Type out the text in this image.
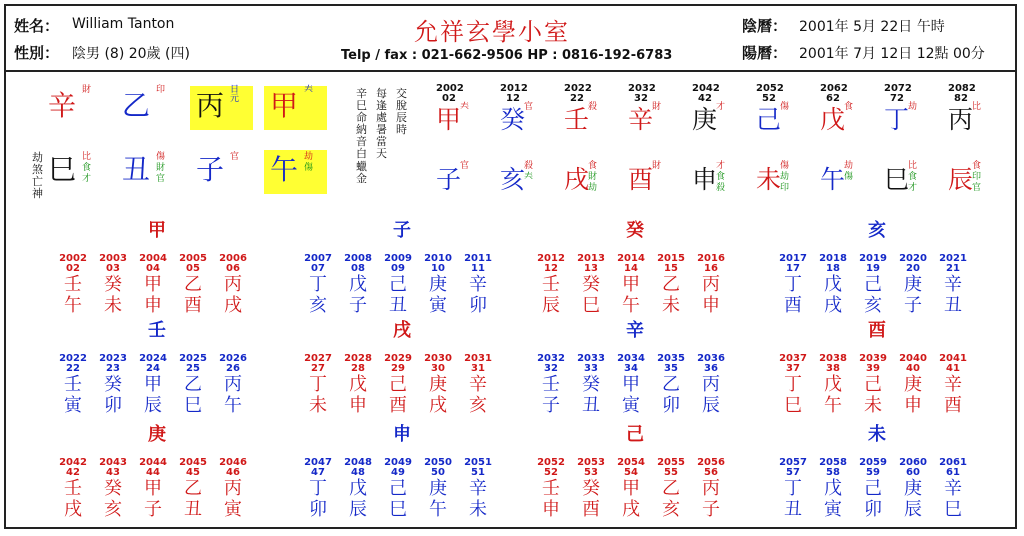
姓名： William Tanton
性別： 陰男 (8) 20歲 (四)
允祥玄學小室
Telp / fax : 021-662-9506 HP : 0816-192-6783
陰曆： 2001年 5月 22日 午時
陽曆： 2001年 7月 12日 12點 00分
辛 財
巳 比
食
才
乙 印
丑 傷
財
官
丙 日元
子 官
甲 𡗗
午 劫
傷
劫
煞
亡
神
辛巳命納音白蠟金
每逢處暑當天
交脫辰時
2002
02
甲
𡗗
子
官
2012
12
癸
官
亥
殺
𡗗
2022
22
壬
殺
戌
食
財
劫
2032
32
辛
財
酉
財
2042
42
庚
才
申
才
食
殺
2052
52
己
傷
未
傷
劫
印
2062
62
戊
食
午
劫
傷
2072
72
丁
劫
巳
比
食
才
2082
82
丙
比
辰
食
印
官
甲
2002
02
壬
午
2003
03
癸
未
2004
04
甲
申
2005
05
乙
酉
2006
06
丙
戌
子
2007
07
丁
亥
2008
08
戊
子
2009
09
己
丑
2010
10
庚
寅
2011
11
辛
卯
癸
2012
12
壬
辰
2013
13
癸
巳
2014
14
甲
午
2015
15
乙
未
2016
16
丙
申
亥
2017
17
丁
酉
2018
18
戊
戌
2019
19
己
亥
2020
20
庚
子
2021
21
辛
丑
壬
2022
22
壬
寅
2023
23
癸
卯
2024
24
甲
辰
2025
25
乙
巳
2026
26
丙
午
戌
2027
27
丁
未
2028
28
戊
申
2029
29
己
酉
2030
30
庚
戌
2031
31
辛
亥
辛
2032
32
壬
子
2033
33
癸
丑
2034
34
甲
寅
2035
35
乙
卯
2036
36
丙
辰
酉
2037
37
丁
巳
2038
38
戊
午
2039
39
己
未
2040
40
庚
申
2041
41
辛
酉
庚
2042
42
壬
戌
2043
43
癸
亥
2044
44
甲
子
2045
45
乙
丑
2046
46
丙
寅
申
2047
47
丁
卯
2048
48
戊
辰
2049
49
己
巳
2050
50
庚
午
2051
51
辛
未
己
2052
52
壬
申
2053
53
癸
酉
2054
54
甲
戌
2055
55
乙
亥
2056
56
丙
子
未
2057
57
丁
丑
2058
58
戊
寅
2059
59
己
卯
2060
60
庚
辰
2061
61
辛
巳
